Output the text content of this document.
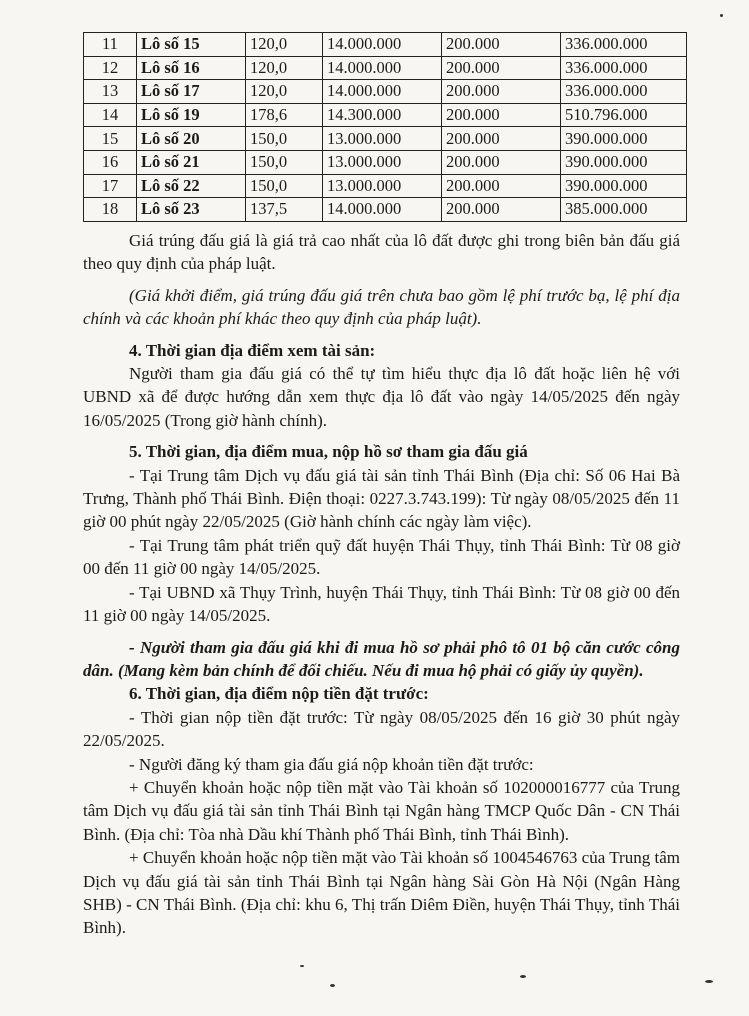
11	Lô số 15	120,0	14.000.000	200.000	336.000.000
12	Lô số 16	120,0	14.000.000	200.000	336.000.000
13	Lô số 17	120,0	14.000.000	200.000	336.000.000
14	Lô số 19	178,6	14.300.000	200.000	510.796.000
15	Lô số 20	150,0	13.000.000	200.000	390.000.000
16	Lô số 21	150,0	13.000.000	200.000	390.000.000
17	Lô số 22	150,0	13.000.000	200.000	390.000.000
18	Lô số 23	137,5	14.000.000	200.000	385.000.000

Giá trúng đấu giá là giá trả cao nhất của lô đất được ghi trong biên bản đấu giá theo quy định của pháp luật.

(Giá khởi điểm, giá trúng đấu giá trên chưa bao gồm lệ phí trước bạ, lệ phí địa chính và các khoản phí khác theo quy định của pháp luật).

4. Thời gian địa điểm xem tài sản:

Người tham gia đấu giá có thể tự tìm hiểu thực địa lô đất hoặc liên hệ với UBND xã để được hướng dẫn xem thực địa lô đất vào ngày 14/05/2025 đến ngày 16/05/2025 (Trong giờ hành chính).

5. Thời gian, địa điểm mua, nộp hồ sơ tham gia đấu giá

- Tại Trung tâm Dịch vụ đấu giá tài sản tỉnh Thái Bình (Địa chỉ: Số 06 Hai Bà Trưng, Thành phố Thái Bình. Điện thoại: 0227.3.743.199): Từ ngày 08/05/2025 đến 11 giờ 00 phút ngày 22/05/2025 (Giờ hành chính các ngày làm việc).

- Tại Trung tâm phát triển quỹ đất huyện Thái Thụy, tỉnh Thái Bình: Từ 08 giờ 00 đến 11 giờ 00 ngày 14/05/2025.

- Tại UBND xã Thụy Trình, huyện Thái Thụy, tỉnh Thái Bình: Từ 08 giờ 00 đến 11 giờ 00 ngày 14/05/2025.

- Người tham gia đấu giá khi đi mua hồ sơ phải phô tô 01 bộ căn cước công dân. (Mang kèm bản chính để đối chiếu. Nếu đi mua hộ phải có giấy ủy quyền).

6. Thời gian, địa điểm nộp tiền đặt trước:

- Thời gian nộp tiền đặt trước: Từ ngày 08/05/2025 đến 16 giờ 30 phút ngày 22/05/2025.

- Người đăng ký tham gia đấu giá nộp khoản tiền đặt trước:

+ Chuyển khoản hoặc nộp tiền mặt vào Tài khoản số 102000016777 của Trung tâm Dịch vụ đấu giá tài sản tỉnh Thái Bình tại Ngân hàng TMCP Quốc Dân - CN Thái Bình. (Địa chỉ: Tòa nhà Dầu khí Thành phố Thái Bình, tỉnh Thái Bình).

+ Chuyển khoản hoặc nộp tiền mặt vào Tài khoản số 1004546763 của Trung tâm Dịch vụ đấu giá tài sản tỉnh Thái Bình tại Ngân hàng Sài Gòn Hà Nội (Ngân Hàng SHB) - CN Thái Bình. (Địa chỉ: khu 6, Thị trấn Diêm Điền, huyện Thái Thụy, tỉnh Thái Bình).
